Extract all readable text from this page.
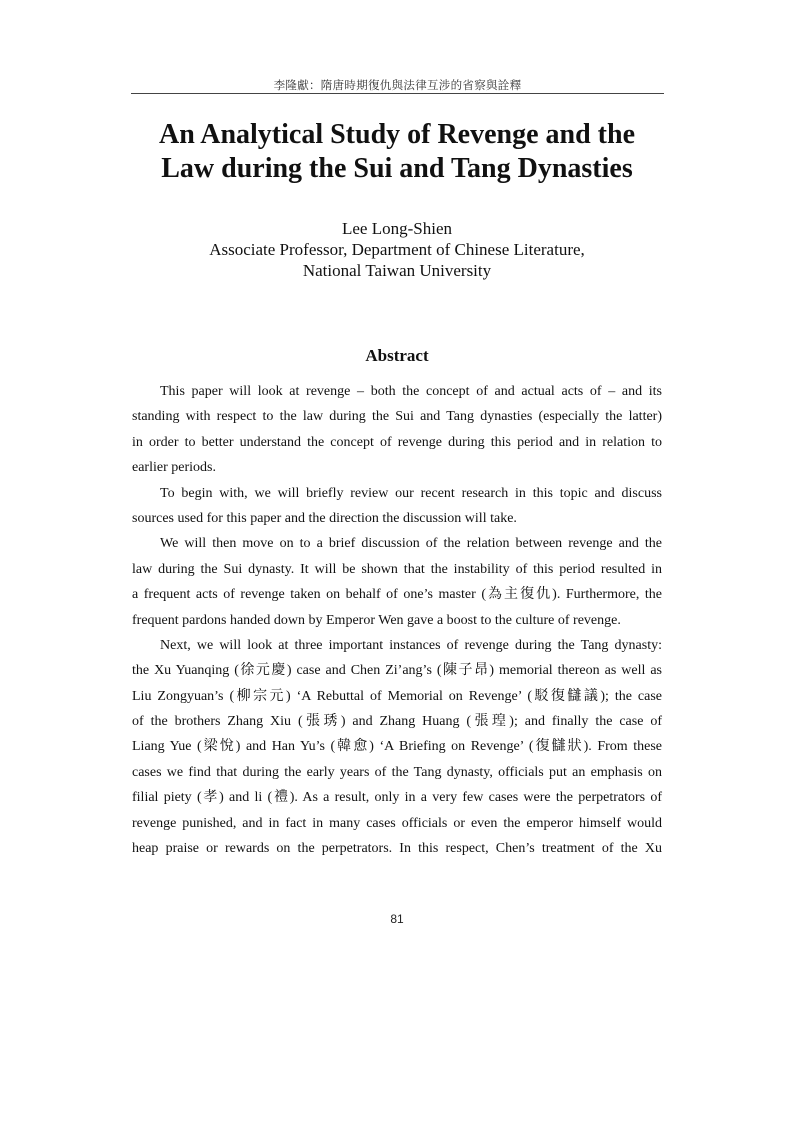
李隆獻：隋唐時期復仇與法律互涉的省察與詮釋
An Analytical Study of Revenge and the
Law during the Sui and Tang Dynasties
Lee Long-Shien
Associate Professor, Department of Chinese Literature,
National Taiwan University
Abstract
This paper will look at revenge – both the concept of and actual acts of – and its
standing with respect to the law during the Sui and Tang dynasties (especially the latter)
in order to better understand the concept of revenge during this period and in relation to
earlier periods.
To begin with, we will briefly review our recent research in this topic and discuss
sources used for this paper and the direction the discussion will take.
We will then move on to a brief discussion of the relation between revenge and the
law during the Sui dynasty. It will be shown that the instability of this period resulted in
a frequent acts of revenge taken on behalf of one’s master (為主復仇). Furthermore, the
frequent pardons handed down by Emperor Wen gave a boost to the culture of revenge.
Next, we will look at three important instances of revenge during the Tang dynasty:
the Xu Yuanqing (徐元慶) case and Chen Zi’ang’s (陳子昂) memorial thereon as well as
Liu Zongyuan’s (柳宗元) ‘A Rebuttal of Memorial on Revenge’ (駁復讎議); the case
of the brothers Zhang Xiu (張琇) and Zhang Huang (張瑝); and finally the case of
Liang Yue (梁悅) and Han Yu’s (韓愈) ‘A Briefing on Revenge’ (復讎狀). From these
cases we find that during the early years of the Tang dynasty, officials put an emphasis on
filial piety (孝) and li (禮). As a result, only in a very few cases were the perpetrators of
revenge punished, and in fact in many cases officials or even the emperor himself would
heap praise or rewards on the perpetrators. In this respect, Chen’s treatment of the Xu
81
